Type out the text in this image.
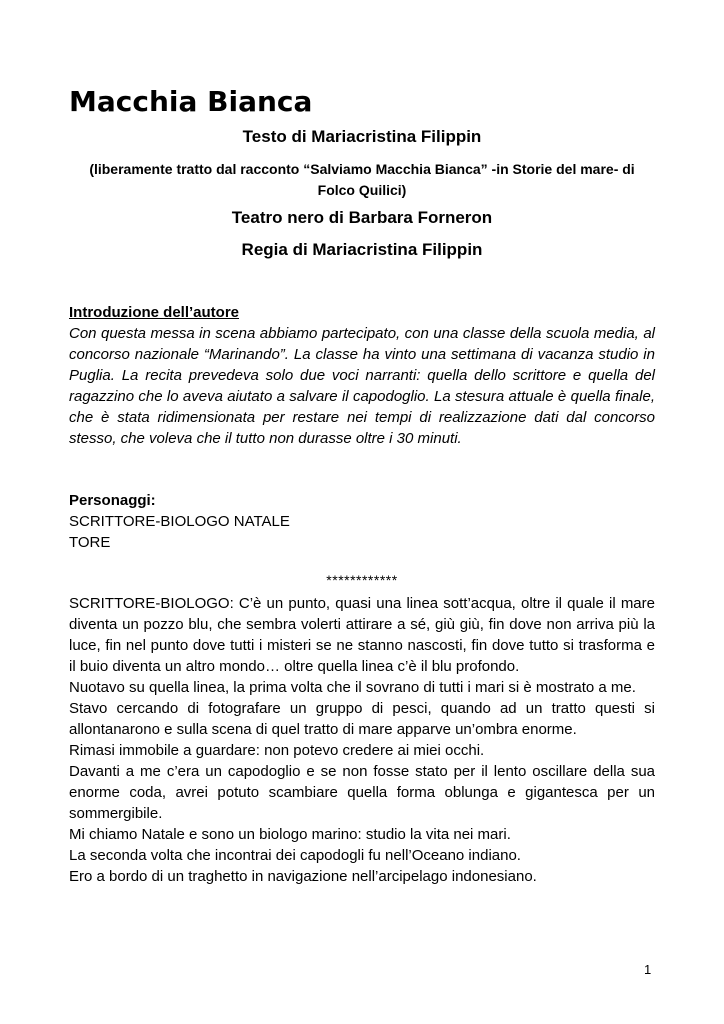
Macchia Bianca

Testo di Mariacristina Filippin

(liberamente tratto dal racconto “Salviamo Macchia Bianca” -in Storie del mare- di Folco Quilici)

Teatro nero di Barbara Forneron

Regia di Mariacristina Filippin

Introduzione dell’autore

Con questa messa in scena abbiamo partecipato, con una classe della scuola media, al concorso nazionale “Marinando”. La classe ha vinto una settimana di vacanza studio in Puglia. La recita prevedeva solo due voci narranti: quella dello scrittore e quella del ragazzino che lo aveva aiutato a salvare il capodoglio. La stesura attuale è quella finale, che è stata ridimensionata per restare nei tempi di realizzazione dati dal concorso stesso, che voleva che il tutto non durasse oltre i 30 minuti.

Personaggi:

SCRITTORE-BIOLOGO NATALE
TORE

************

SCRITTORE-BIOLOGO: C’è un punto, quasi una linea sott’acqua, oltre il quale il mare diventa un pozzo blu, che sembra volerti attirare a sé, giù giù, fin dove non arriva più la luce, fin nel punto dove tutti i misteri se ne stanno nascosti, fin dove tutto si trasforma e il buio diventa un altro mondo… oltre quella linea c’è il blu profondo.

Nuotavo su quella linea, la prima volta che il sovrano di tutti i mari si è mostrato a me.

Stavo cercando di fotografare un gruppo di pesci, quando ad un tratto questi si allontanarono e sulla scena di quel tratto di mare apparve un’ombra enorme.

Rimasi immobile a guardare: non potevo credere ai miei occhi.

Davanti a me c’era un capodoglio e se non fosse stato per il lento oscillare della sua enorme coda, avrei potuto scambiare quella forma oblunga e gigantesca per un sommergibile.

Mi chiamo Natale e sono un biologo marino: studio la vita nei mari.

La seconda volta che incontrai dei capodogli fu nell’Oceano indiano.

Ero a bordo di un traghetto in navigazione nell’arcipelago indonesiano.

1
